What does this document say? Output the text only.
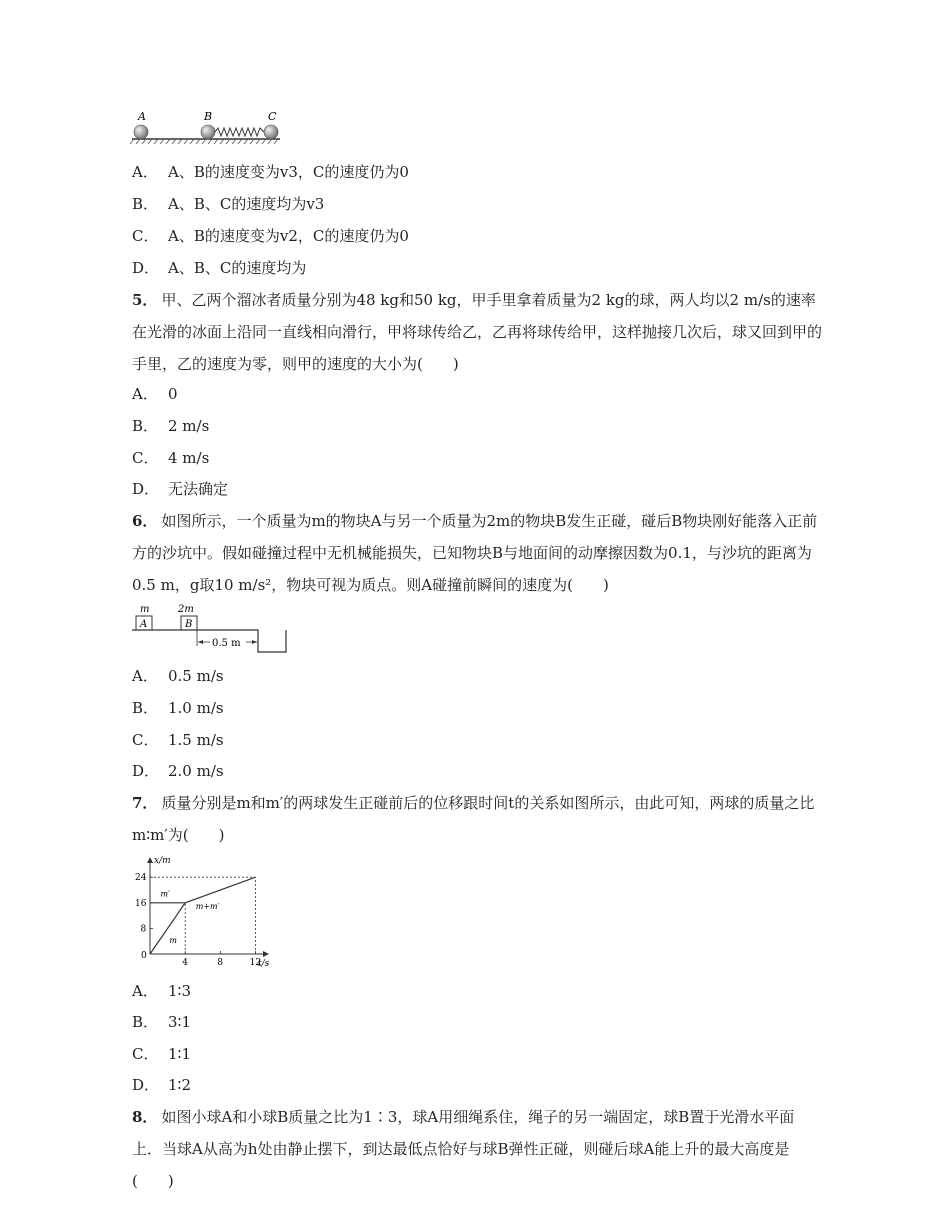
A	B	C
A． A、B的速度变为v3，C的速度仍为0
B． A、B、C的速度均为v3
C． A、B的速度变为v2，C的速度仍为0
D． A、B、C的速度均为
5． 甲、乙两个溜冰者质量分别为48 kg和50 kg，甲手里拿着质量为2 kg的球，两人均以2 m/s的速率在光滑的冰面上沿同一直线相向滑行，甲将球传给乙，乙再将球传给甲，这样抛接几次后，球又回到甲的手里，乙的速度为零，则甲的速度的大小为(　　)
A． 0
B． 2 m/s
C． 4 m/s
D． 无法确定
6． 如图所示，一个质量为m的物块A与另一个质量为2m的物块B发生正碰，碰后B物块刚好能落入正前方的沙坑中。假如碰撞过程中无机械能损失，已知物块B与地面间的动摩擦因数为0.1，与沙坑的距离为0.5 m，g取10 m/s²，物块可视为质点。则A碰撞前瞬间的速度为(　　)
m	2m
A	B
0.5 m
A． 0.5 m/s
B． 1.0 m/s
C． 1.5 m/s
D． 2.0 m/s
7． 质量分别是m和m′的两球发生正碰前后的位移跟时间t的关系如图所示，由此可知，两球的质量之比m∶m′为(　　)
x/m
t/s
0
4	8	12
8
16
24
m
m′
m+m′
A． 1∶3
B． 3∶1
C． 1∶1
D． 1∶2
8． 如图小球A和小球B质量之比为1∶3，球A用细绳系住，绳子的另一端固定，球B置于光滑水平面上．当球A从高为h处由静止摆下，到达最低点恰好与球B弹性正碰，则碰后球A能上升的最大高度是(　　)
